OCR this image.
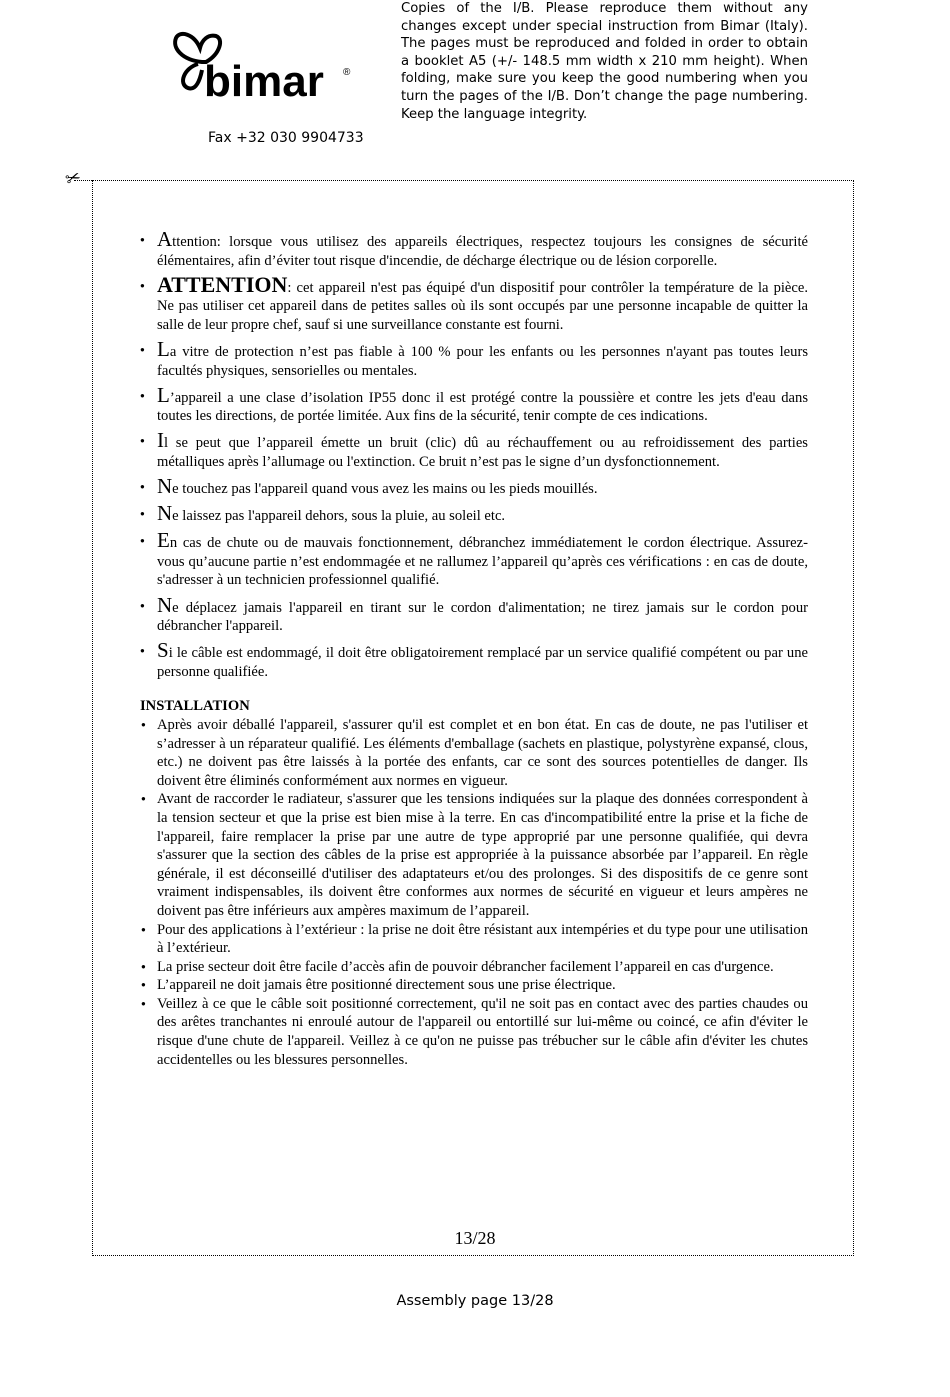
bimar ®
Fax +32 030 9904733
Copies of the I/B. Please reproduce them without any changes except under special instruction from Bimar (Italy). The pages must be reproduced and folded in order to obtain a booklet A5 (+/- 148.5 mm width x 210 mm height). When folding, make sure you keep the good numbering when you turn the pages of the I/B. Don’t change the page numbering. Keep the language integrity.
✂
● Attention: lorsque vous utilisez des appareils électriques, respectez toujours les consignes de sécurité élémentaires, afin d’éviter tout risque d'incendie, de décharge électrique ou de lésion corporelle.
● ATTENTION: cet appareil n'est pas équipé d'un dispositif pour contrôler la température de la pièce. Ne pas utiliser cet appareil dans de petites salles où ils sont occupés par une personne incapable de quitter la salle de leur propre chef, sauf si une surveillance constante est fourni.
● La vitre de protection n’est pas fiable à 100 % pour les enfants ou les personnes n'ayant pas toutes leurs facultés physiques, sensorielles ou mentales.
● L’appareil a une clase d’isolation IP55 donc il est protégé contre la poussière et contre les jets d'eau dans toutes les directions, de portée limitée. Aux fins de la sécurité, tenir compte de ces indications.
● Il se peut que l’appareil émette un bruit (clic) dû au réchauffement ou au refroidissement des parties métalliques après l’allumage ou l'extinction. Ce bruit n’est pas le signe d’un dysfonctionnement.
● Ne touchez pas l'appareil quand vous avez les mains ou les pieds mouillés.
● Ne laissez pas l'appareil dehors, sous la pluie, au soleil etc.
● En cas de chute ou de mauvais fonctionnement, débranchez immédiatement le cordon électrique. Assurez-vous qu’aucune partie n’est endommagée et ne rallumez l’appareil qu’après ces vérifications : en cas de doute, s'adresser à un technicien professionnel qualifié.
● Ne déplacez jamais l'appareil en tirant sur le cordon d'alimentation; ne tirez jamais sur le cordon pour débrancher l'appareil.
● Si le câble est endommagé, il doit être obligatoirement remplacé par un service qualifié compétent ou par une personne qualifiée.
INSTALLATION
● Après avoir déballé l'appareil, s'assurer qu'il est complet et en bon état. En cas de doute, ne pas l'utiliser et s’adresser à un réparateur qualifié. Les éléments d'emballage (sachets en plastique, polystyrène expansé, clous, etc.) ne doivent pas être laissés à la portée des enfants, car ce sont des sources potentielles de danger. Ils doivent être éliminés conformément aux normes en vigueur.
● Avant de raccorder le radiateur, s'assurer que les tensions indiquées sur la plaque des données correspondent à la tension secteur et que la prise est bien mise à la terre. En cas d'incompatibilité entre la prise et la fiche de l'appareil, faire remplacer la prise par une autre de type approprié par une personne qualifiée, qui devra s'assurer que la section des câbles de la prise est appropriée à la puissance absorbée par l’appareil. En règle générale, il est déconseillé d'utiliser des adaptateurs et/ou des prolonges. Si des dispositifs de ce genre sont vraiment indispensables, ils doivent être conformes aux normes de sécurité en vigueur et leurs ampères ne doivent pas être inférieurs aux ampères maximum de l’appareil.
● Pour des applications à l’extérieur : la prise ne doit être résistant aux intempéries et du type pour une utilisation à l’extérieur.
● La prise secteur doit être facile d’accès afin de pouvoir débrancher facilement l’appareil en cas d'urgence.
● L’appareil ne doit jamais être positionné directement sous une prise électrique.
● Veillez à ce que le câble soit positionné correctement, qu'il ne soit pas en contact avec des parties chaudes ou des arêtes tranchantes ni enroulé autour de l'appareil ou entortillé sur lui-même ou coincé, ce afin d'éviter le risque d'une chute de l'appareil. Veillez à ce qu'on ne puisse pas trébucher sur le câble afin d'éviter les chutes accidentelles ou les blessures personnelles.
13/28
Assembly page 13/28
